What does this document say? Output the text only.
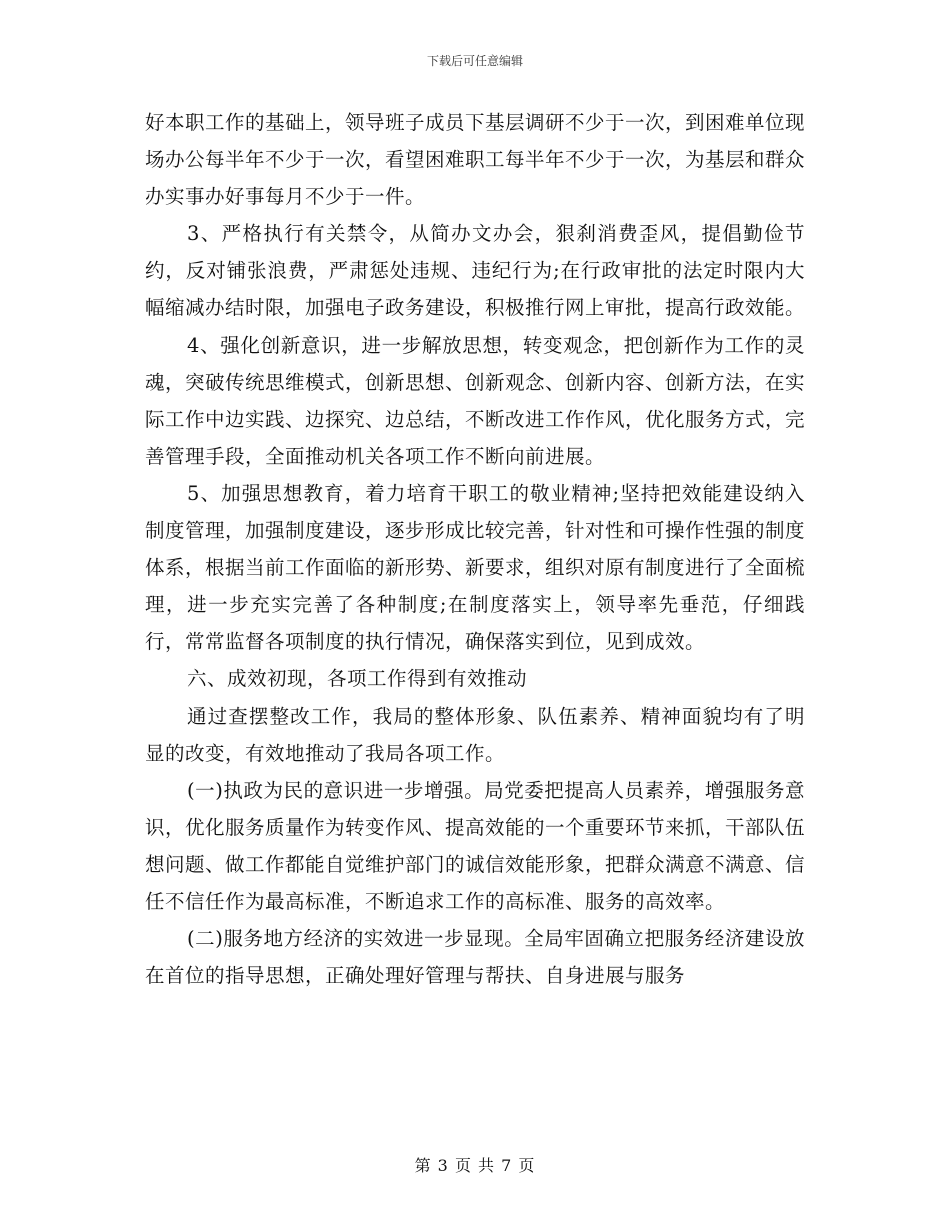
下载后可任意编辑

好本职工作的基础上，领导班子成员下基层调研不少于一次，到困难单位现场办公每半年不少于一次，看望困难职工每半年不少于一次，为基层和群众办实事办好事每月不少于一件。

3、严格执行有关禁令，从简办文办会，狠刹消费歪风，提倡勤俭节约，反对铺张浪费，严肃惩处违规、违纪行为;在行政审批的法定时限内大幅缩减办结时限，加强电子政务建设，积极推行网上审批，提高行政效能。

4、强化创新意识，进一步解放思想，转变观念，把创新作为工作的灵魂，突破传统思维模式，创新思想、创新观念、创新内容、创新方法，在实际工作中边实践、边探究、边总结，不断改进工作作风，优化服务方式，完善管理手段，全面推动机关各项工作不断向前进展。

5、加强思想教育，着力培育干职工的敬业精神;坚持把效能建设纳入制度管理，加强制度建设，逐步形成比较完善，针对性和可操作性强的制度体系，根据当前工作面临的新形势、新要求，组织对原有制度进行了全面梳理，进一步充实完善了各种制度;在制度落实上，领导率先垂范，仔细践行，常常监督各项制度的执行情况，确保落实到位，见到成效。

六、成效初现，各项工作得到有效推动

通过查摆整改工作，我局的整体形象、队伍素养、精神面貌均有了明显的改变，有效地推动了我局各项工作。

(一)执政为民的意识进一步增强。局党委把提高人员素养，增强服务意识，优化服务质量作为转变作风、提高效能的一个重要环节来抓，干部队伍想问题、做工作都能自觉维护部门的诚信效能形象，把群众满意不满意、信任不信任作为最高标准，不断追求工作的高标准、服务的高效率。

(二)服务地方经济的实效进一步显现。全局牢固确立把服务经济建设放在首位的指导思想，正确处理好管理与帮扶、自身进展与服务

第 3 页 共 7 页
